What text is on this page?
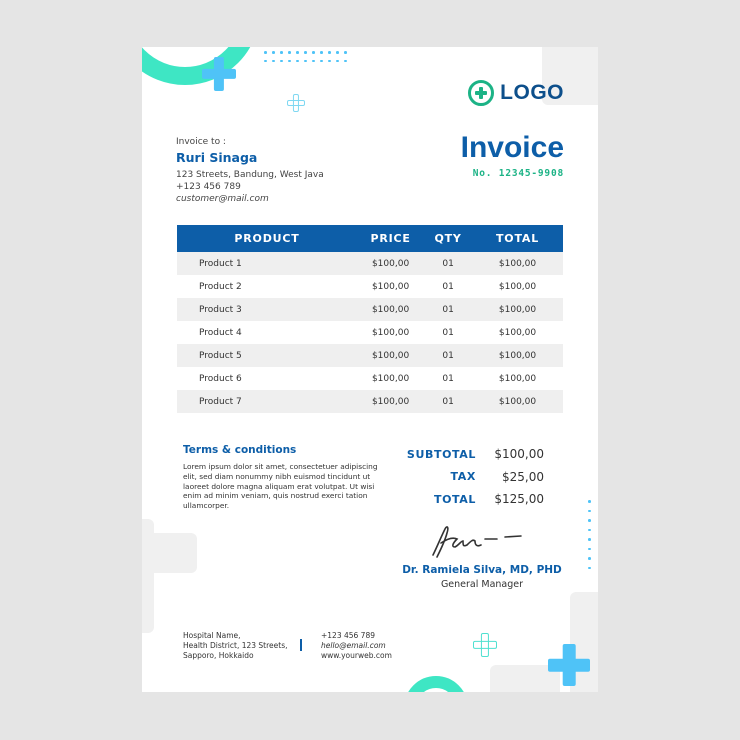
LOGO
Invoice to :
Ruri Sinaga
123 Streets, Bandung, West Java
+123 456 789
customer@mail.com
Invoice
No. 12345-9908
PRODUCT	PRICE	QTY	TOTAL
Product 1	$100,00	01	$100,00
Product 2	$100,00	01	$100,00
Product 3	$100,00	01	$100,00
Product 4	$100,00	01	$100,00
Product 5	$100,00	01	$100,00
Product 6	$100,00	01	$100,00
Product 7	$100,00	01	$100,00
Terms & conditions
Lorem ipsum dolor sit amet, consectetuer adipiscing elit, sed diam nonummy nibh euismod tincidunt ut laoreet dolore magna aliquam erat volutpat. Ut wisi enim ad minim veniam, quis nostrud exerci tation ullamcorper.
SUBTOTAL	$100,00
TAX	$25,00
TOTAL	$125,00
Dr. Ramiela Silva, MD, PHD
General Manager
Hospital Name,
Health District, 123 Streets,
Sapporo, Hokkaido
+123 456 789
hello@email.com
www.yourweb.com
